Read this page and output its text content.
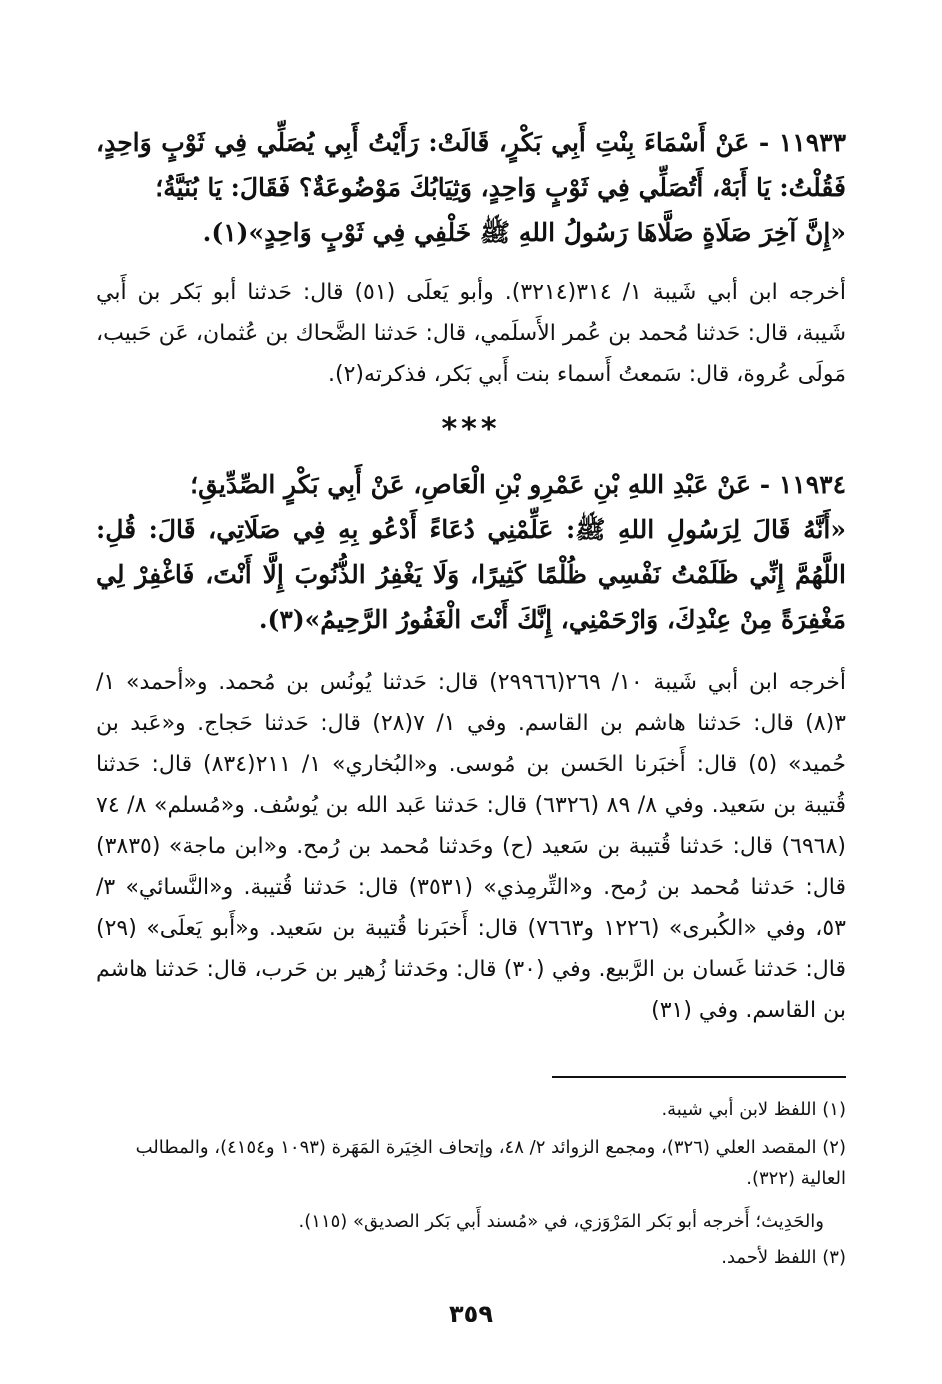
١١٩٣٣ - عَنْ أَسْمَاءَ بِنْتِ أَبِي بَكْرٍ، قَالَتْ: رَأَيْتُ أَبِي يُصَلِّي فِي ثَوْبٍ وَاحِدٍ، فَقُلْتُ: يَا أَبَهْ، أَتُصَلِّي فِي ثَوْبٍ وَاحِدٍ، وَثِيَابُكَ مَوْضُوعَةٌ؟ فَقَالَ: يَا بُنَيَّةُ؛
«إِنَّ آخِرَ صَلَاةٍ صَلَّاهَا رَسُولُ اللهِ ﷺ خَلْفِي فِي ثَوْبٍ وَاحِدٍ»(١).
أخرجه ابن أبي شَيبة ١/ ٣١٤(٣٢١٤). وأبو يَعلَى (٥١) قال: حَدثنا أبو بَكر بن أَبي شَيبة، قال: حَدثنا مُحمد بن عُمر الأَسلَمي، قال: حَدثنا الضَّحاك بن عُثمان، عَن حَبيب، مَولَى عُروة، قال: سَمعتُ أَسماء بنت أَبي بَكر، فذكرته(٢).
***
١١٩٣٤ - عَنْ عَبْدِ اللهِ بْنِ عَمْرِو بْنِ الْعَاصِ، عَنْ أَبِي بَكْرٍ الصِّدِّيقِ؛
«أَنَّهُ قَالَ لِرَسُولِ اللهِ ﷺ: عَلِّمْنِي دُعَاءً أَدْعُو بِهِ فِي صَلَاتِي، قَالَ: قُلِ: اللَّهُمَّ إِنِّي ظَلَمْتُ نَفْسِي ظُلْمًا كَثِيرًا، وَلَا يَغْفِرُ الذُّنُوبَ إِلَّا أَنْتَ، فَاغْفِرْ لِي مَغْفِرَةً مِنْ عِنْدِكَ، وَارْحَمْنِي، إِنَّكَ أَنْتَ الْغَفُورُ الرَّحِيمُ»(٣).
أخرجه ابن أبي شَيبة ١٠/ ٢٦٩(٢٩٩٦٦) قال: حَدثنا يُونُس بن مُحمد. و«أحمد» ١/ ٣(٨) قال: حَدثنا هاشم بن القاسم. وفي ١/ ٧(٢٨) قال: حَدثنا حَجاج. و«عَبد بن حُميد» (٥) قال: أَخبَرنا الحَسن بن مُوسى. و«البُخاري» ١/ ٢١١(٨٣٤) قال: حَدثنا قُتيبة بن سَعيد. وفي ٨/ ٨٩ (٦٣٢٦) قال: حَدثنا عَبد الله بن يُوسُف. و«مُسلم» ٨/ ٧٤ (٦٩٦٨) قال: حَدثنا قُتيبة بن سَعيد (ح) وحَدثنا مُحمد بن رُمح. و«ابن ماجة» (٣٨٣٥) قال: حَدثنا مُحمد بن رُمح. و«التِّرمِذي» (٣٥٣١) قال: حَدثنا قُتيبة. و«النَّسائي» ٣/ ٥٣، وفي «الكُبرى» (١٢٢٦ و٧٦٦٣) قال: أَخبَرنا قُتيبة بن سَعيد. و«أَبو يَعلَى» (٢٩) قال: حَدثنا غَسان بن الرَّبيع. وفي (٣٠) قال: وحَدثنا زُهير بن حَرب، قال: حَدثنا هاشم بن القاسم. وفي (٣١)
(١) اللفظ لابن أبي شيبة.
(٢) المقصد العلي (٣٢٦)، ومجمع الزوائد ٢/ ٤٨، وإتحاف الخِيَرة المَهَرة (١٠٩٣ و٤١٥٤)، والمطالب العالية (٣٢٢).
والحَدِيث؛ أَخرجه أبو بَكر المَرْوَزي، في «مُسند أَبي بَكر الصديق» (١١٥).
(٣) اللفظ لأحمد.
٣٥٩
